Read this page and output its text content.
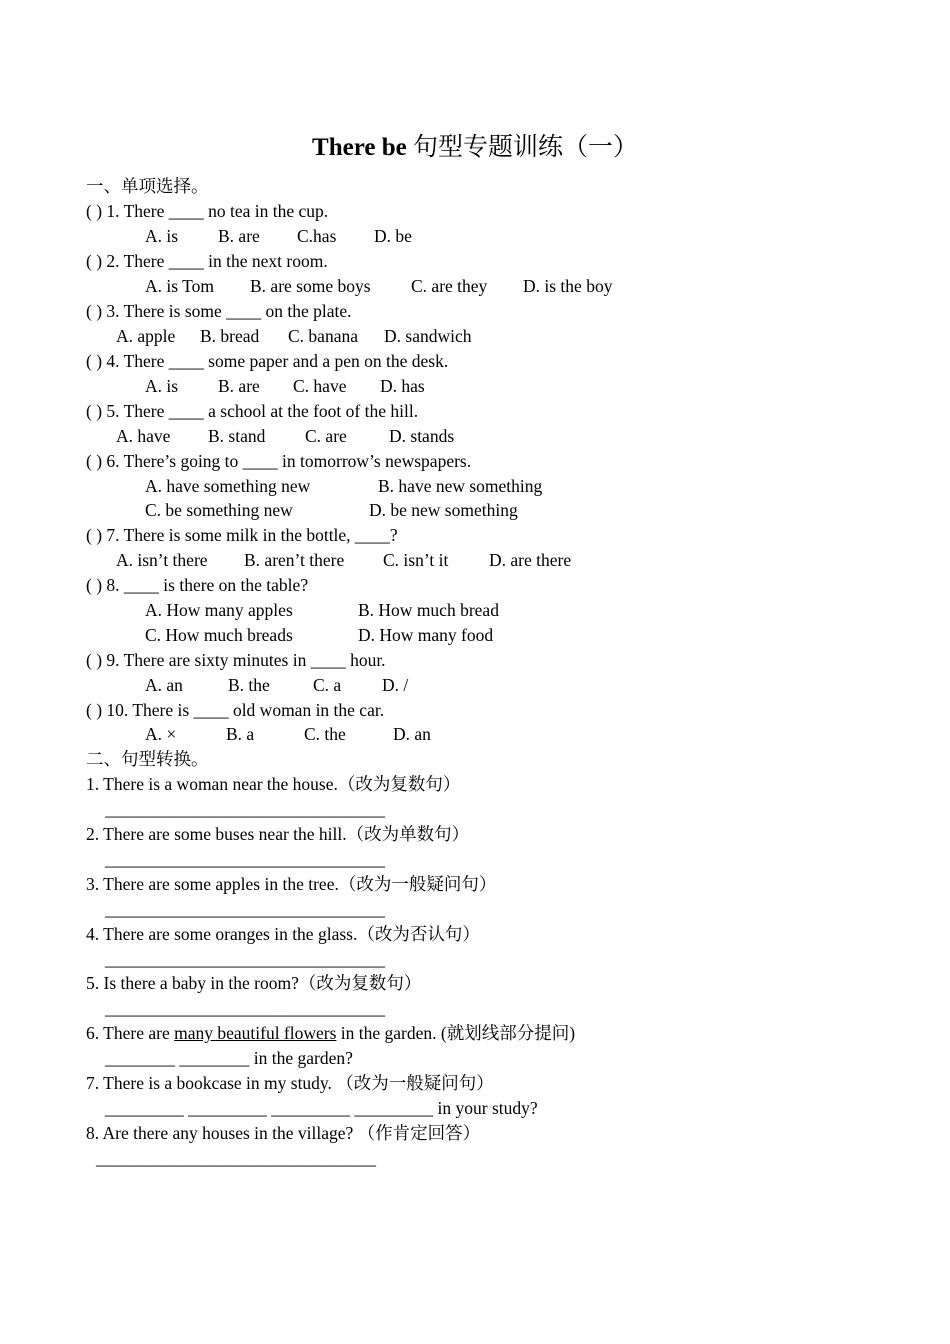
There be 句型专题训练（一）
一、单项选择。
( ) 1. There ____ no tea in the cup.
A. is B. are C.has D. be
( ) 2. There ____ in the next room.
A. is Tom B. are some boys C. are they D. is the boy
( ) 3. There is some ____ on the plate.
A. apple B. bread C. banana D. sandwich
( ) 4. There ____ some paper and a pen on the desk.
A. is B. are C. have D. has
( ) 5. There ____ a school at the foot of the hill.
A. have B. stand C. are D. stands
( ) 6. There’s going to ____ in tomorrow’s newspapers.
A. have something new	B. have new something
C. be something new	D. be new something
( ) 7. There is some milk in the bottle, ____?
A. isn’t there B. aren’t there C. isn’t it D. are there
( ) 8. ____ is there on the table?
A. How many apples	B. How much bread
C. How much breads	D. How many food
( ) 9. There are sixty minutes in ____ hour.
A. an	B. the C. a D. /
( ) 10. There is ____ old woman in the car.
A. ×	B. a	C. the	D. an
二、句型转换。
1. There is a woman near the house.（改为复数句）
________________________________
2. There are some buses near the hill.（改为单数句）
________________________________
3. There are some apples in the tree.（改为一般疑问句）
________________________________
4. There are some oranges in the glass.（改为否认句）
________________________________
5. Is there a baby in the room?（改为复数句）
________________________________
6. There are many beautiful flowers in the garden. (就划线部分提问)
________ ________ in the garden?
7. There is a bookcase in my study. （改为一般疑问句）
_________ _________ _________ _________ in your study?
8. Are there any houses in the village? （作肯定回答）
________________________________
